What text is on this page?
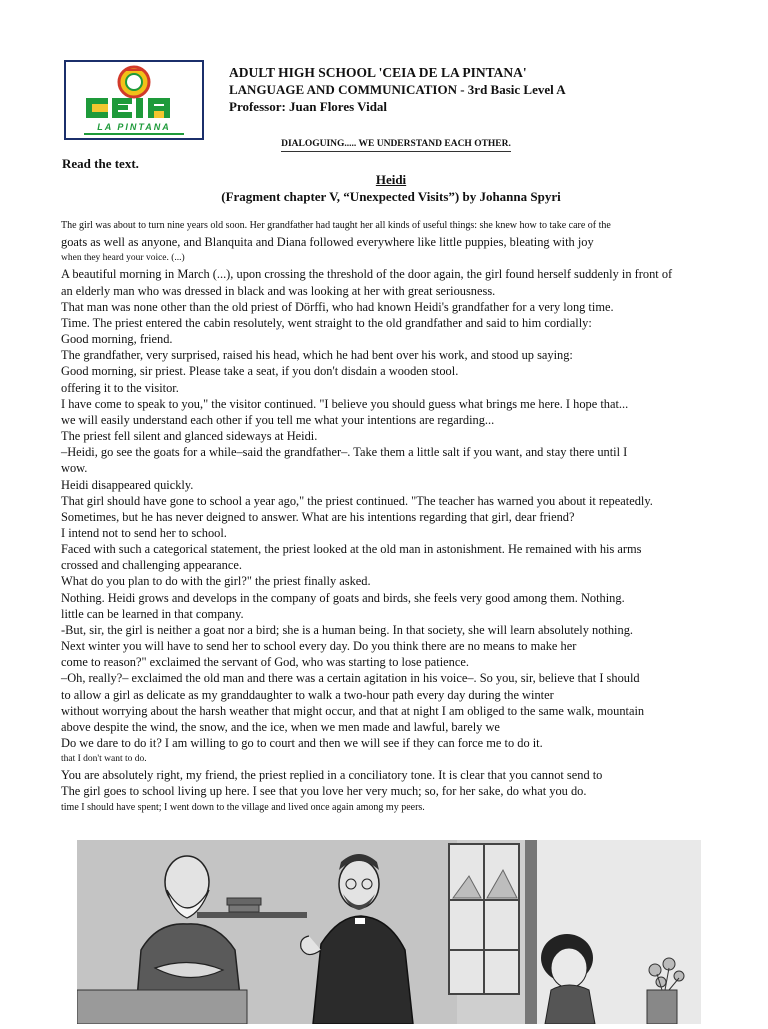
LA PINTANA
ADULT HIGH SCHOOL 'CEIA DE LA PINTANA'
LANGUAGE AND COMMUNICATION - 3rd Basic Level A
Professor: Juan Flores Vidal
DIALOGUING..... WE UNDERSTAND EACH OTHER.
Read the text.
Heidi
(Fragment chapter V, “Unexpected Visits”) by Johanna Spyri
The girl was about to turn nine years old soon. Her grandfather had taught her all kinds of useful things: she knew how to take care of the
goats as well as anyone, and Blanquita and Diana followed everywhere like little puppies, bleating with joy
when they heard your voice. (...)
A beautiful morning in March (...), upon crossing the threshold of the door again, the girl found herself suddenly in front of
an elderly man who was dressed in black and was looking at her with great seriousness.
That man was none other than the old priest of Dörffi, who had known Heidi's grandfather for a very long time.
Time. The priest entered the cabin resolutely, went straight to the old grandfather and said to him cordially:
Good morning, friend.
The grandfather, very surprised, raised his head, which he had bent over his work, and stood up saying:
Good morning, sir priest. Please take a seat, if you don't disdain a wooden stool.
offering it to the visitor.
I have come to speak to you," the visitor continued. "I believe you should guess what brings me here. I hope that...
we will easily understand each other if you tell me what your intentions are regarding...
The priest fell silent and glanced sideways at Heidi.
–Heidi, go see the goats for a while–said the grandfather–. Take them a little salt if you want, and stay there until I
wow.
Heidi disappeared quickly.
That girl should have gone to school a year ago," the priest continued. "The teacher has warned you about it repeatedly.
Sometimes, but he has never deigned to answer. What are his intentions regarding that girl, dear friend?
I intend not to send her to school.
Faced with such a categorical statement, the priest looked at the old man in astonishment. He remained with his arms
crossed and challenging appearance.
What do you plan to do with the girl?" the priest finally asked.
Nothing. Heidi grows and develops in the company of goats and birds, she feels very good among them. Nothing.
little can be learned in that company.
-But, sir, the girl is neither a goat nor a bird; she is a human being. In that society, she will learn absolutely nothing.
Next winter you will have to send her to school every day. Do you think there are no means to make her
come to reason?" exclaimed the servant of God, who was starting to lose patience.
–Oh, really?– exclaimed the old man and there was a certain agitation in his voice–. So you, sir, believe that I should
to allow a girl as delicate as my granddaughter to walk a two-hour path every day during the winter
without worrying about the harsh weather that might occur, and that at night I am obliged to the same walk, mountain
above despite the wind, the snow, and the ice, when we men made and lawful, barely we
Do we dare to do it? I am willing to go to court and then we will see if they can force me to do it.
that I don't want to do.
You are absolutely right, my friend, the priest replied in a conciliatory tone. It is clear that you cannot send to
The girl goes to school living up here. I see that you love her very much; so, for her sake, do what you do.
time I should have spent; I went down to the village and lived once again among my peers.
